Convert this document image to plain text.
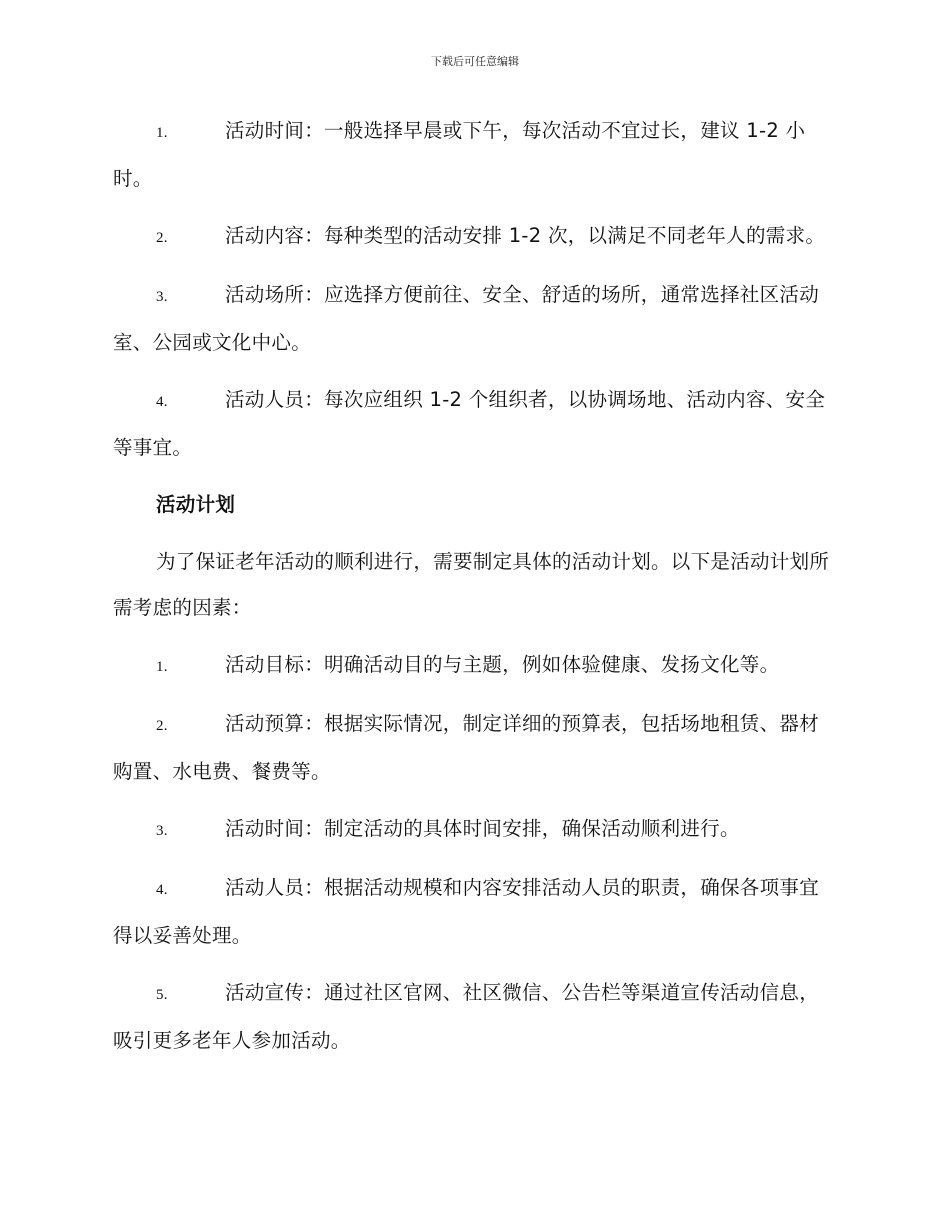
下载后可任意编辑

1.	活动时间：一般选择早晨或下午，每次活动不宜过长，建议 1-2 小时。

2.	活动内容：每种类型的活动安排 1-2 次，以满足不同老年人的需求。

3.	活动场所：应选择方便前往、安全、舒适的场所，通常选择社区活动室、公园或文化中心。

4.	活动人员：每次应组织 1-2 个组织者，以协调场地、活动内容、安全等事宜。

活动计划

为了保证老年活动的顺利进行，需要制定具体的活动计划。以下是活动计划所需考虑的因素：

1.	活动目标：明确活动目的与主题，例如体验健康、发扬文化等。

2.	活动预算：根据实际情况，制定详细的预算表，包括场地租赁、器材购置、水电费、餐费等。

3.	活动时间：制定活动的具体时间安排，确保活动顺利进行。

4.	活动人员：根据活动规模和内容安排活动人员的职责，确保各项事宜得以妥善处理。

5.	活动宣传：通过社区官网、社区微信、公告栏等渠道宣传活动信息，吸引更多老年人参加活动。
